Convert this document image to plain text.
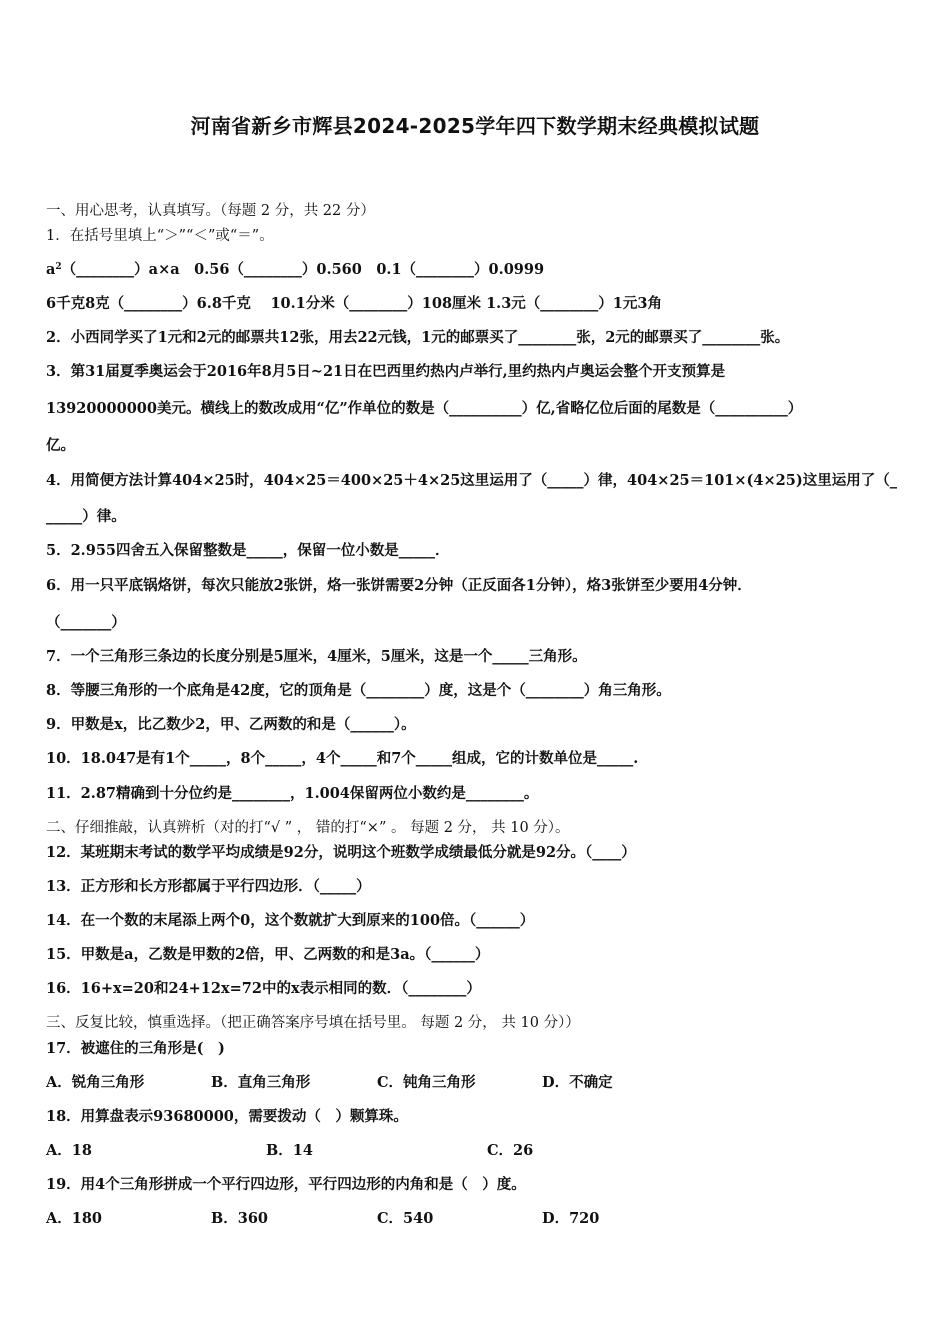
河南省新乡市辉县2024-2025学年四下数学期末经典模拟试题
一、用心思考，认真填写。（每题 2 分，共 22 分）
1．在括号里填上“＞”“＜”或“＝”。
$a^2(\_\_\_\_\_\_\_\_)a\times a$　0.56（________）0.560　0.1（________）0.0999
6千克8克（________）6.8千克　 10.1分米（________）108厘米 1.3元（________）1元3角
2．小西同学买了1元和2元的邮票共12张，用去22元钱，1元的邮票买了________张，2元的邮票买了________张。
3．第31届夏季奥运会于2016年8月5日~21日在巴西里约热内卢举行,里约热内卢奥运会整个开支预算是
13920000000美元。横线上的数改成用“亿”作单位的数是（__________）亿,省略亿位后面的尾数是（__________）
亿。
4．用简便方法计算404×25时，404×25＝400×25＋4×25这里运用了（_____）律，404×25＝101×(4×25)这里运用了（_
_____）律。
5．2.955四舍五入保留整数是_____，保留一位小数是_____．
6．用一只平底锅烙饼，每次只能放2张饼，烙一张饼需要2分钟（正反面各1分钟），烙3张饼至少要用4分钟．
（_______）
7．一个三角形三条边的长度分别是5厘米，4厘米，5厘米，这是一个_____三角形。
8．等腰三角形的一个底角是42度，它的顶角是（________）度，这是个（________）角三角形。
9．甲数是x，比乙数少2，甲、乙两数的和是（______）。
10．18.047是有1个_____，8个_____，4个_____和7个_____组成，它的计数单位是_____.
11．2.87精确到十分位约是________，1.004保留两位小数约是________。
二、仔细推敲，认真辨析（对的打“√ ” ， 错的打“×” 。 每题 2 分， 共 10 分）。
12．某班期末考试的数学平均成绩是92分，说明这个班数学成绩最低分就是92分。（____）
13．正方形和长方形都属于平行四边形．（_____）
14．在一个数的末尾添上两个0，这个数就扩大到原来的100倍。（______）
15．甲数是a，乙数是甲数的2倍，甲、乙两数的和是3a。（______）
16．16+x=20和24+12x=72中的x表示相同的数．（________）
三、反复比较，慎重选择。（把正确答案序号填在括号里。 每题 2 分， 共 10 分））
17．被遮住的三角形是(　)
A．锐角三角形	B．直角三角形	C．钝角三角形	D．不确定
18．用算盘表示93680000，需要拨动（　）颗算珠。
A．18	B．14	C．26
19．用4个三角形拼成一个平行四边形，平行四边形的内角和是（　）度。
A．180	B．360	C．540	D．720
